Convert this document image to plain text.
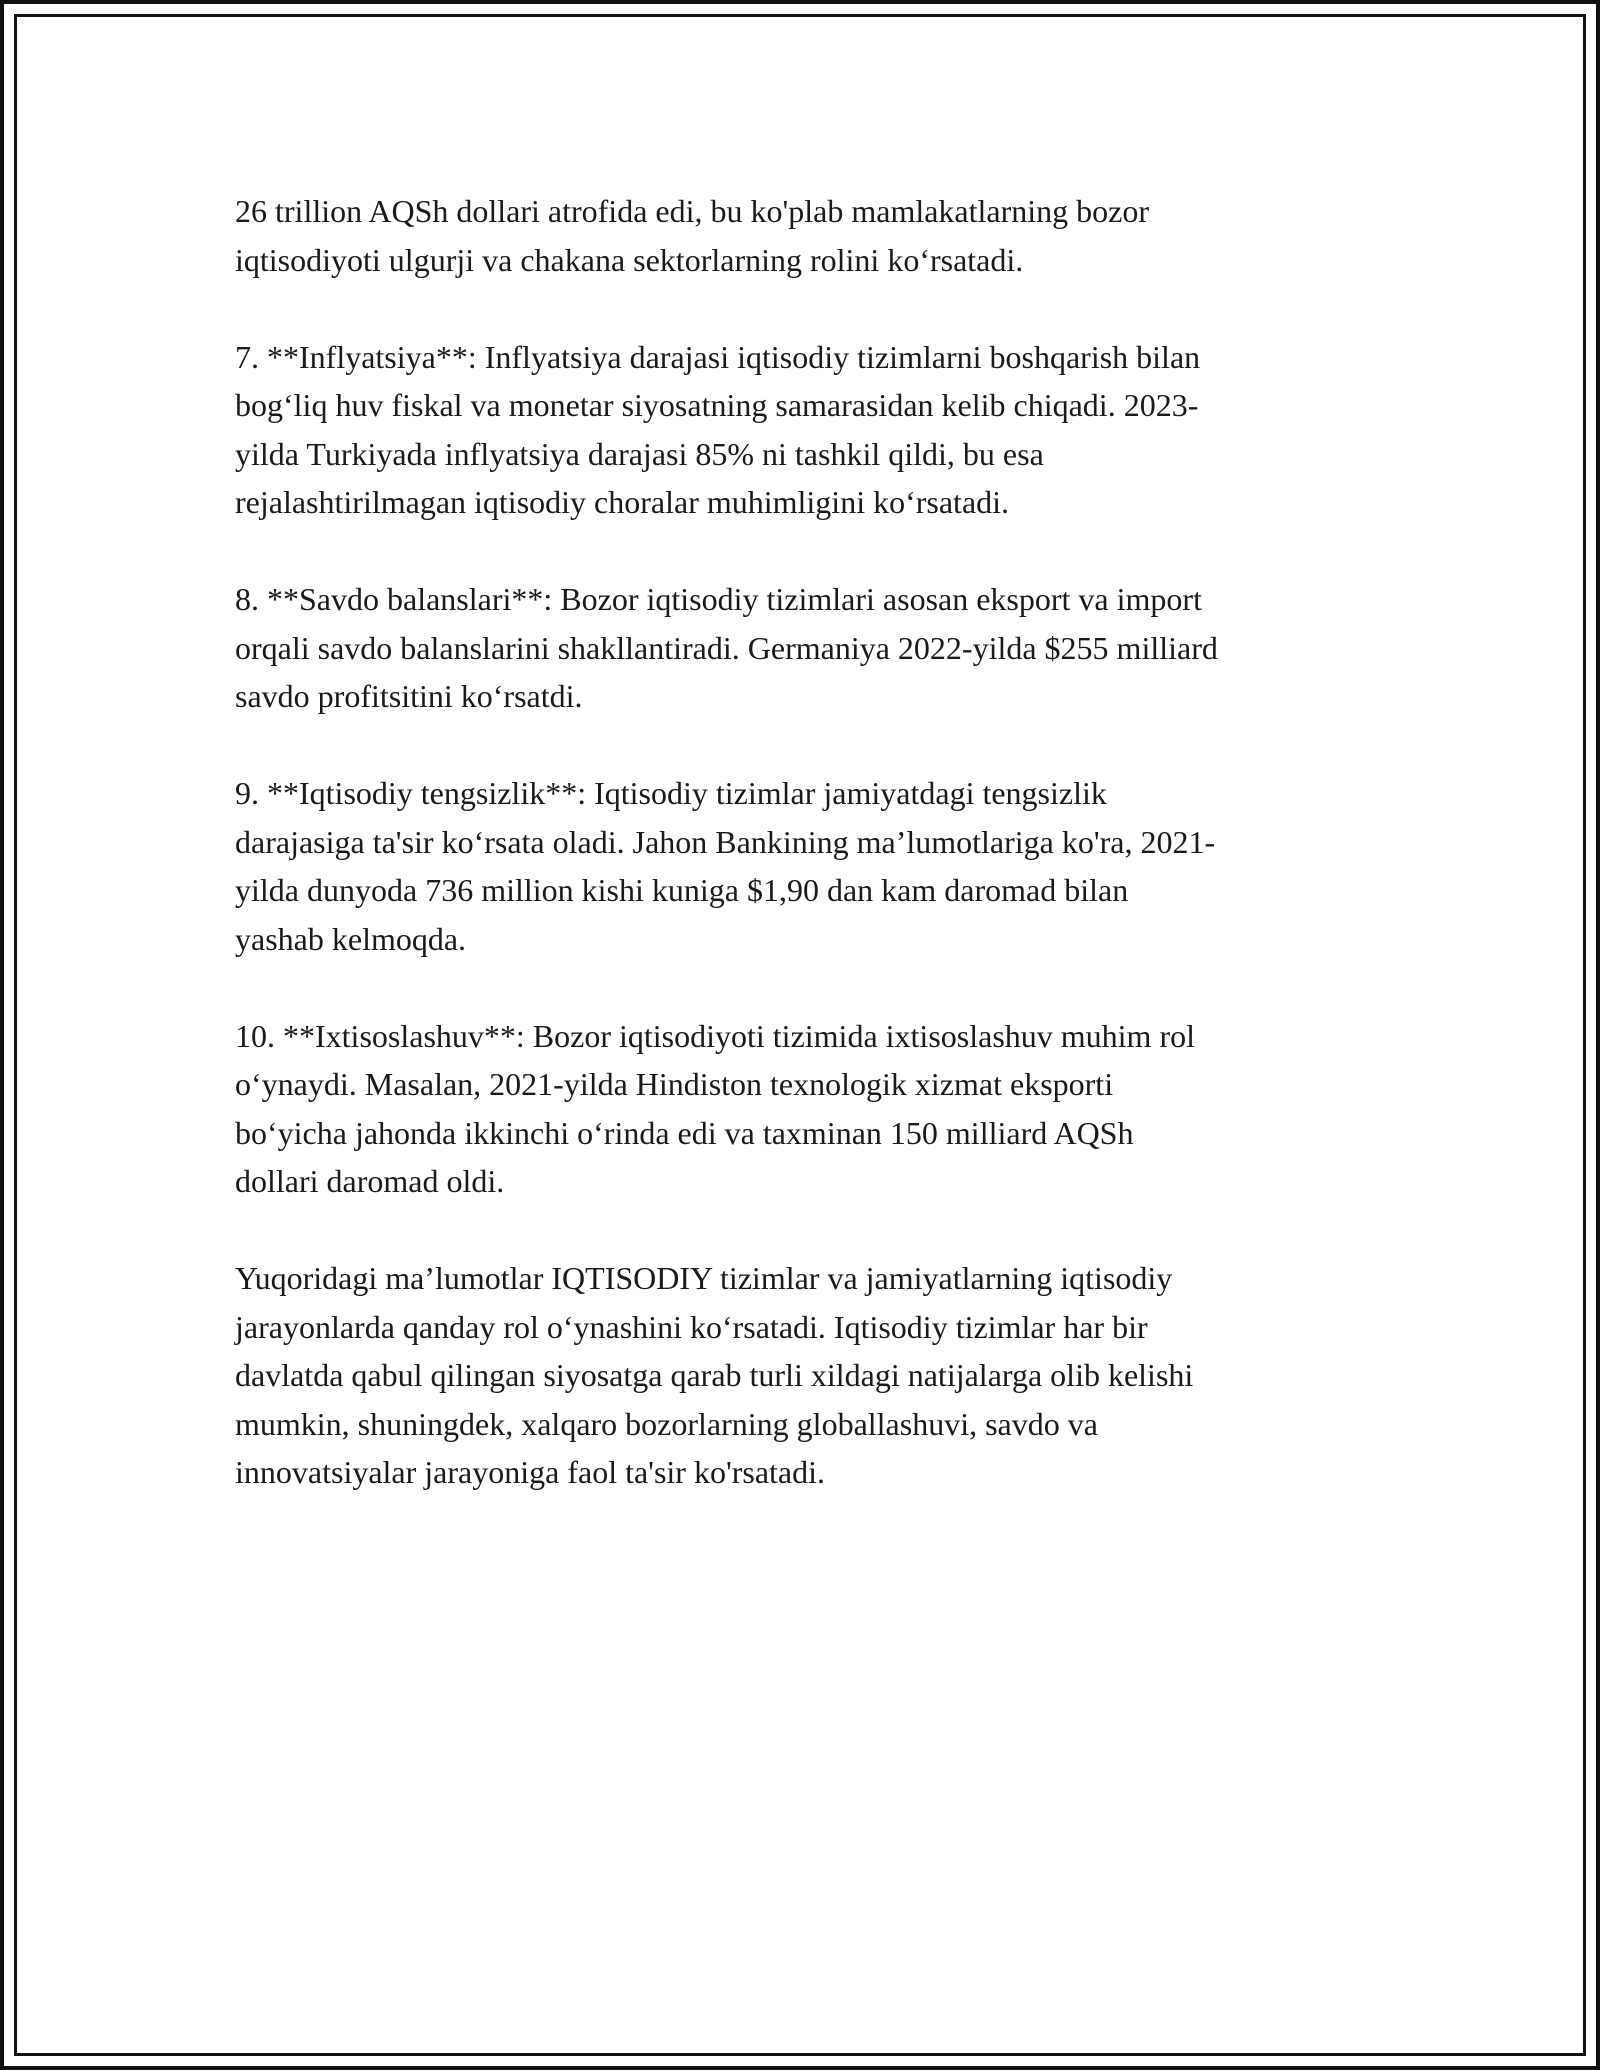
26 trillion AQSh dollari atrofida edi, bu ko'plab mamlakatlarning bozor
iqtisodiyoti ulgurji va chakana sektorlarning rolini ko‘rsatadi.

7. **Inflyatsiya**: Inflyatsiya darajasi iqtisodiy tizimlarni boshqarish bilan
bog‘liq huv fiskal va monetar siyosatning samarasidan kelib chiqadi. 2023-
yilda Turkiyada inflyatsiya darajasi 85% ni tashkil qildi, bu esa
rejalashtirilmagan iqtisodiy choralar muhimligini ko‘rsatadi.

8. **Savdo balanslari**: Bozor iqtisodiy tizimlari asosan eksport va import
orqali savdo balanslarini shakllantiradi. Germaniya 2022-yilda $255 milliard
savdo profitsitini ko‘rsatdi.

9. **Iqtisodiy tengsizlik**: Iqtisodiy tizimlar jamiyatdagi tengsizlik
darajasiga ta'sir ko‘rsata oladi. Jahon Bankining ma’lumotlariga ko'ra, 2021-
yilda dunyoda 736 million kishi kuniga $1,90 dan kam daromad bilan
yashab kelmoqda.

10. **Ixtisoslashuv**: Bozor iqtisodiyoti tizimida ixtisoslashuv muhim rol
o‘ynaydi. Masalan, 2021-yilda Hindiston texnologik xizmat eksporti
bo‘yicha jahonda ikkinchi o‘rinda edi va taxminan 150 milliard AQSh
dollari daromad oldi.

Yuqoridagi ma’lumotlar IQTISODIY tizimlar va jamiyatlarning iqtisodiy
jarayonlarda qanday rol o‘ynashini ko‘rsatadi. Iqtisodiy tizimlar har bir
davlatda qabul qilingan siyosatga qarab turli xildagi natijalarga olib kelishi
mumkin, shuningdek, xalqaro bozorlarning globallashuvi, savdo va
innovatsiyalar jarayoniga faol ta'sir ko'rsatadi.
